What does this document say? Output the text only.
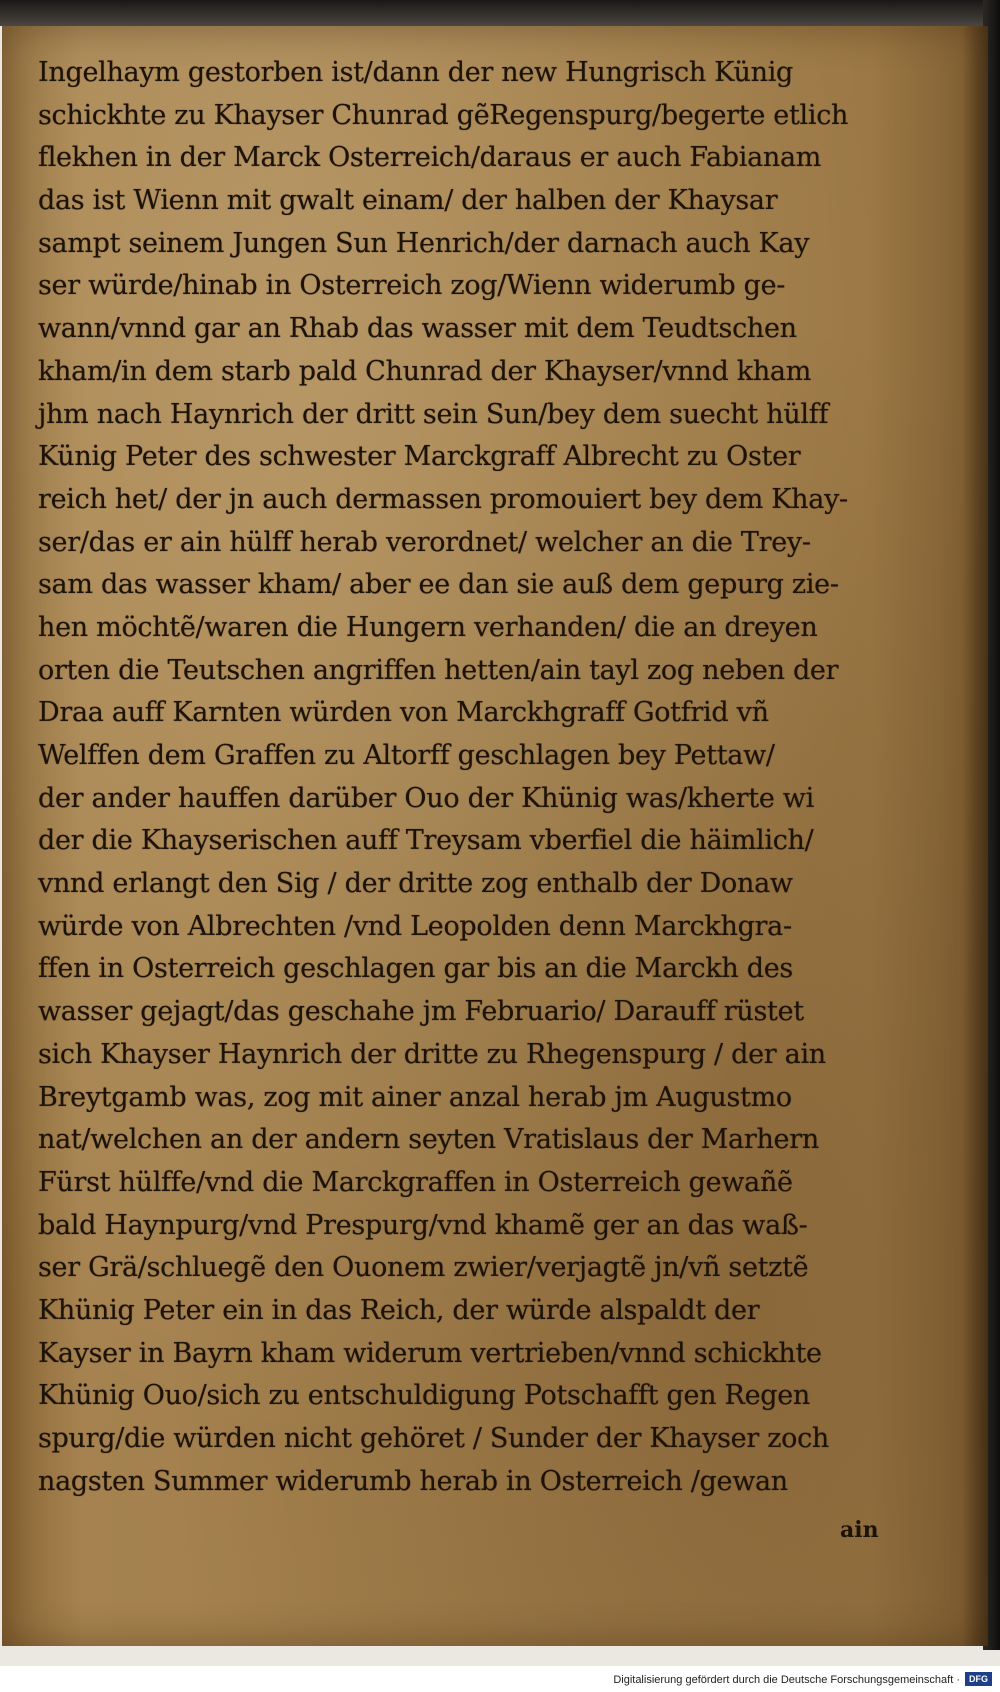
Ingelhaym gestorben ist/dann der new Hungrisch Künig
schickhte zu Khayser Chunrad gẽRegenspurg/begerte etlich
flekhen in der Marck Osterreich/daraus er auch Fabianam
das ist Wienn mit gwalt einam/ der halben der Khaysar
sampt seinem Jungen Sun Henrich/der darnach auch Kay
ser würde/hinab in Osterreich zog/Wienn widerumb ge-
wann/vnnd gar an Rhab das wasser mit dem Teudtschen
kham/in dem starb pald Chunrad der Khayser/vnnd kham
jhm nach Haynrich der dritt sein Sun/bey dem suecht hülff
Künig Peter des schwester Marckgraff Albrecht zu Oster
reich het/ der jn auch dermassen promouiert bey dem Khay-
ser/das er ain hülff herab verordnet/ welcher an die Trey-
sam das wasser kham/ aber ee dan sie auß dem gepurg zie-
hen möchtẽ/waren die Hungern verhanden/ die an dreyen
orten die Teutschen angriffen hetten/ain tayl zog neben der
Draa auff Karnten würden von Marckhgraff Gotfrid vñ
Welffen dem Graffen zu Altorff geschlagen bey Pettaw/
der ander hauffen darüber Ouo der Khünig was/kherte wi
der die Khayserischen auff Treysam vberfiel die häimlich/
vnnd erlangt den Sig / der dritte zog enthalb der Donaw
würde von Albrechten /vnd Leopolden denn Marckhgra-
ffen in Osterreich geschlagen gar bis an die Marckh des
wasser gejagt/das geschahe jm Februario/ Darauff rüstet
sich Khayser Haynrich der dritte zu Rhegenspurg / der ain
Breytgamb was, zog mit ainer anzal herab jm Augustmo
nat/welchen an der andern seyten Vratislaus der Marhern
Fürst hülffe/vnd die Marckgraffen in Osterreich gewañẽ
bald Haynpurg/vnd Prespurg/vnd khamẽ ger an das waß-
ser Grä/schluegẽ den Ouonem zwier/verjagtẽ jn/vñ setztẽ
Khünig Peter ein in das Reich, der würde alspaldt der
Kayser in Bayrn kham widerum vertrieben/vnnd schickhte
Khünig Ouo/sich zu entschuldigung Potschafft gen Regen
spurg/die würden nicht gehöret / Sunder der Khayser zoch
nagsten Summer widerumb herab in Osterreich /gewan
ain
Digitalisierung gefördert durch die Deutsche Forschungsgemeinschaft ·	DFG
